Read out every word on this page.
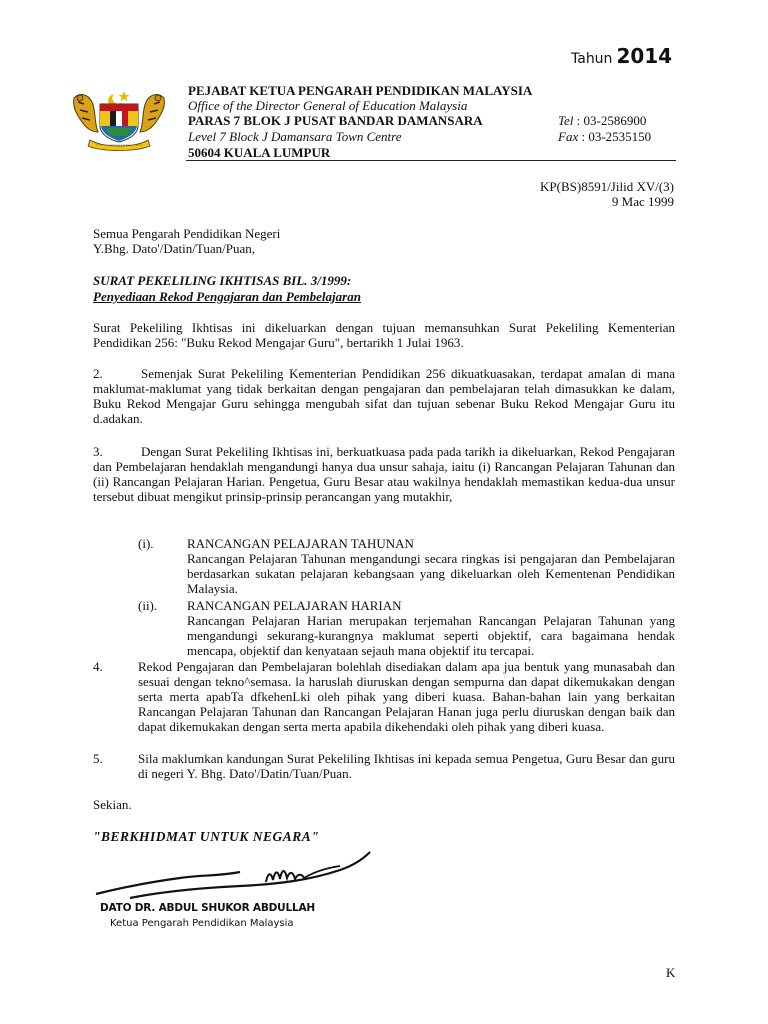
Tahun 2014
PEJABAT KETUA PENGARAH PENDIDIKAN MALAYSIA
Office of the Director General of Education Malaysia
PARAS 7 BLOK J PUSAT BANDAR DAMANSARA
Level 7 Block J Damansara Town Centre
50604 KUALA LUMPUR
Tel : 03-2586900
Fax : 03-2535150
KP(BS)8591/Jilid XV/(3)
9 Mac 1999
Semua Pengarah Pendidikan Negeri
Y.Bhg. Dato'/Datin/Tuan/Puan,
SURAT PEKELILING IKHTISAS BIL. 3/1999:
Penyediaan Rekod Pengajaran dan Pembelajaran
Surat Pekeliling Ikhtisas ini dikeluarkan dengan tujuan memansuhkan Surat Pekeliling Kementerian Pendidikan 256: "Buku Rekod Mengajar Guru", bertarikh 1 Julai 1963.
2.	Semenjak Surat Pekeliling Kementerian Pendidikan 256 dikuatkuasakan, terdapat amalan di mana maklumat-maklumat yang tidak berkaitan dengan pengajaran dan pembelajaran telah dimasukkan ke dalam, Buku Rekod Mengajar Guru sehingga mengubah sifat dan tujuan sebenar Buku Rekod Mengajar Guru itu d.adakan.
3.	Dengan Surat Pekeliling Ikhtisas ini, berkuatkuasa pada pada tarikh ia dikeluarkan, Rekod Pengajaran dan Pembelajaran hendaklah mengandungi hanya dua unsur sahaja, iaitu (i) Rancangan Pelajaran Tahunan dan (ii) Rancangan Pelajaran Harian. Pengetua, Guru Besar atau wakilnya hendaklah memastikan kedua-dua unsur tersebut dibuat mengikut prinsip-prinsip perancangan yang mutakhir,
(i).	RANCANGAN PELAJARAN TAHUNAN
Rancangan Pelajaran Tahunan mengandungi secara ringkas isi pengajaran dan Pembelajaran berdasarkan sukatan pelajaran kebangsaan yang dikeluarkan oleh Kementenan Pendidikan Malaysia.
(ii). RANCANGAN PELAJARAN HARIAN
Rancangan Pelajaran Harian merupakan terjemahan Rancangan Pelajaran Tahunan yang mengandungi sekurang-kurangnya maklumat seperti objektif, cara bagaimana hendak mencapa, objektif dan kenyataan sejauh mana objektif itu tercapai.
4.	Rekod Pengajaran dan Pembelajaran bolehlah disediakan dalam apa jua bentuk yang munasabah dan sesuai dengan tekno^semasa. la haruslah diuruskan dengan sempurna dan dapat dikemukakan dengan serta merta apabTa dfkehenLki oleh pihak yang diberi kuasa. Bahan-bahan lain yang berkaitan Rancangan Pelajaran Tahunan dan Rancangan Pelajaran Hanan juga perlu diuruskan dengan baik dan dapat dikemukakan dengan serta merta apabila dikehendaki oleh pihak yang diberi kuasa.
5.	Sila maklumkan kandungan Surat Pekeliling Ikhtisas ini kepada semua Pengetua, Guru Besar dan guru di negeri Y. Bhg. Dato'/Datin/Tuan/Puan.
Sekian.
"BERKHIDMAT UNTUK NEGARA"
DATO DR. ABDUL SHUKOR ABDULLAH
Ketua Pengarah Pendidikan Malaysia
K
